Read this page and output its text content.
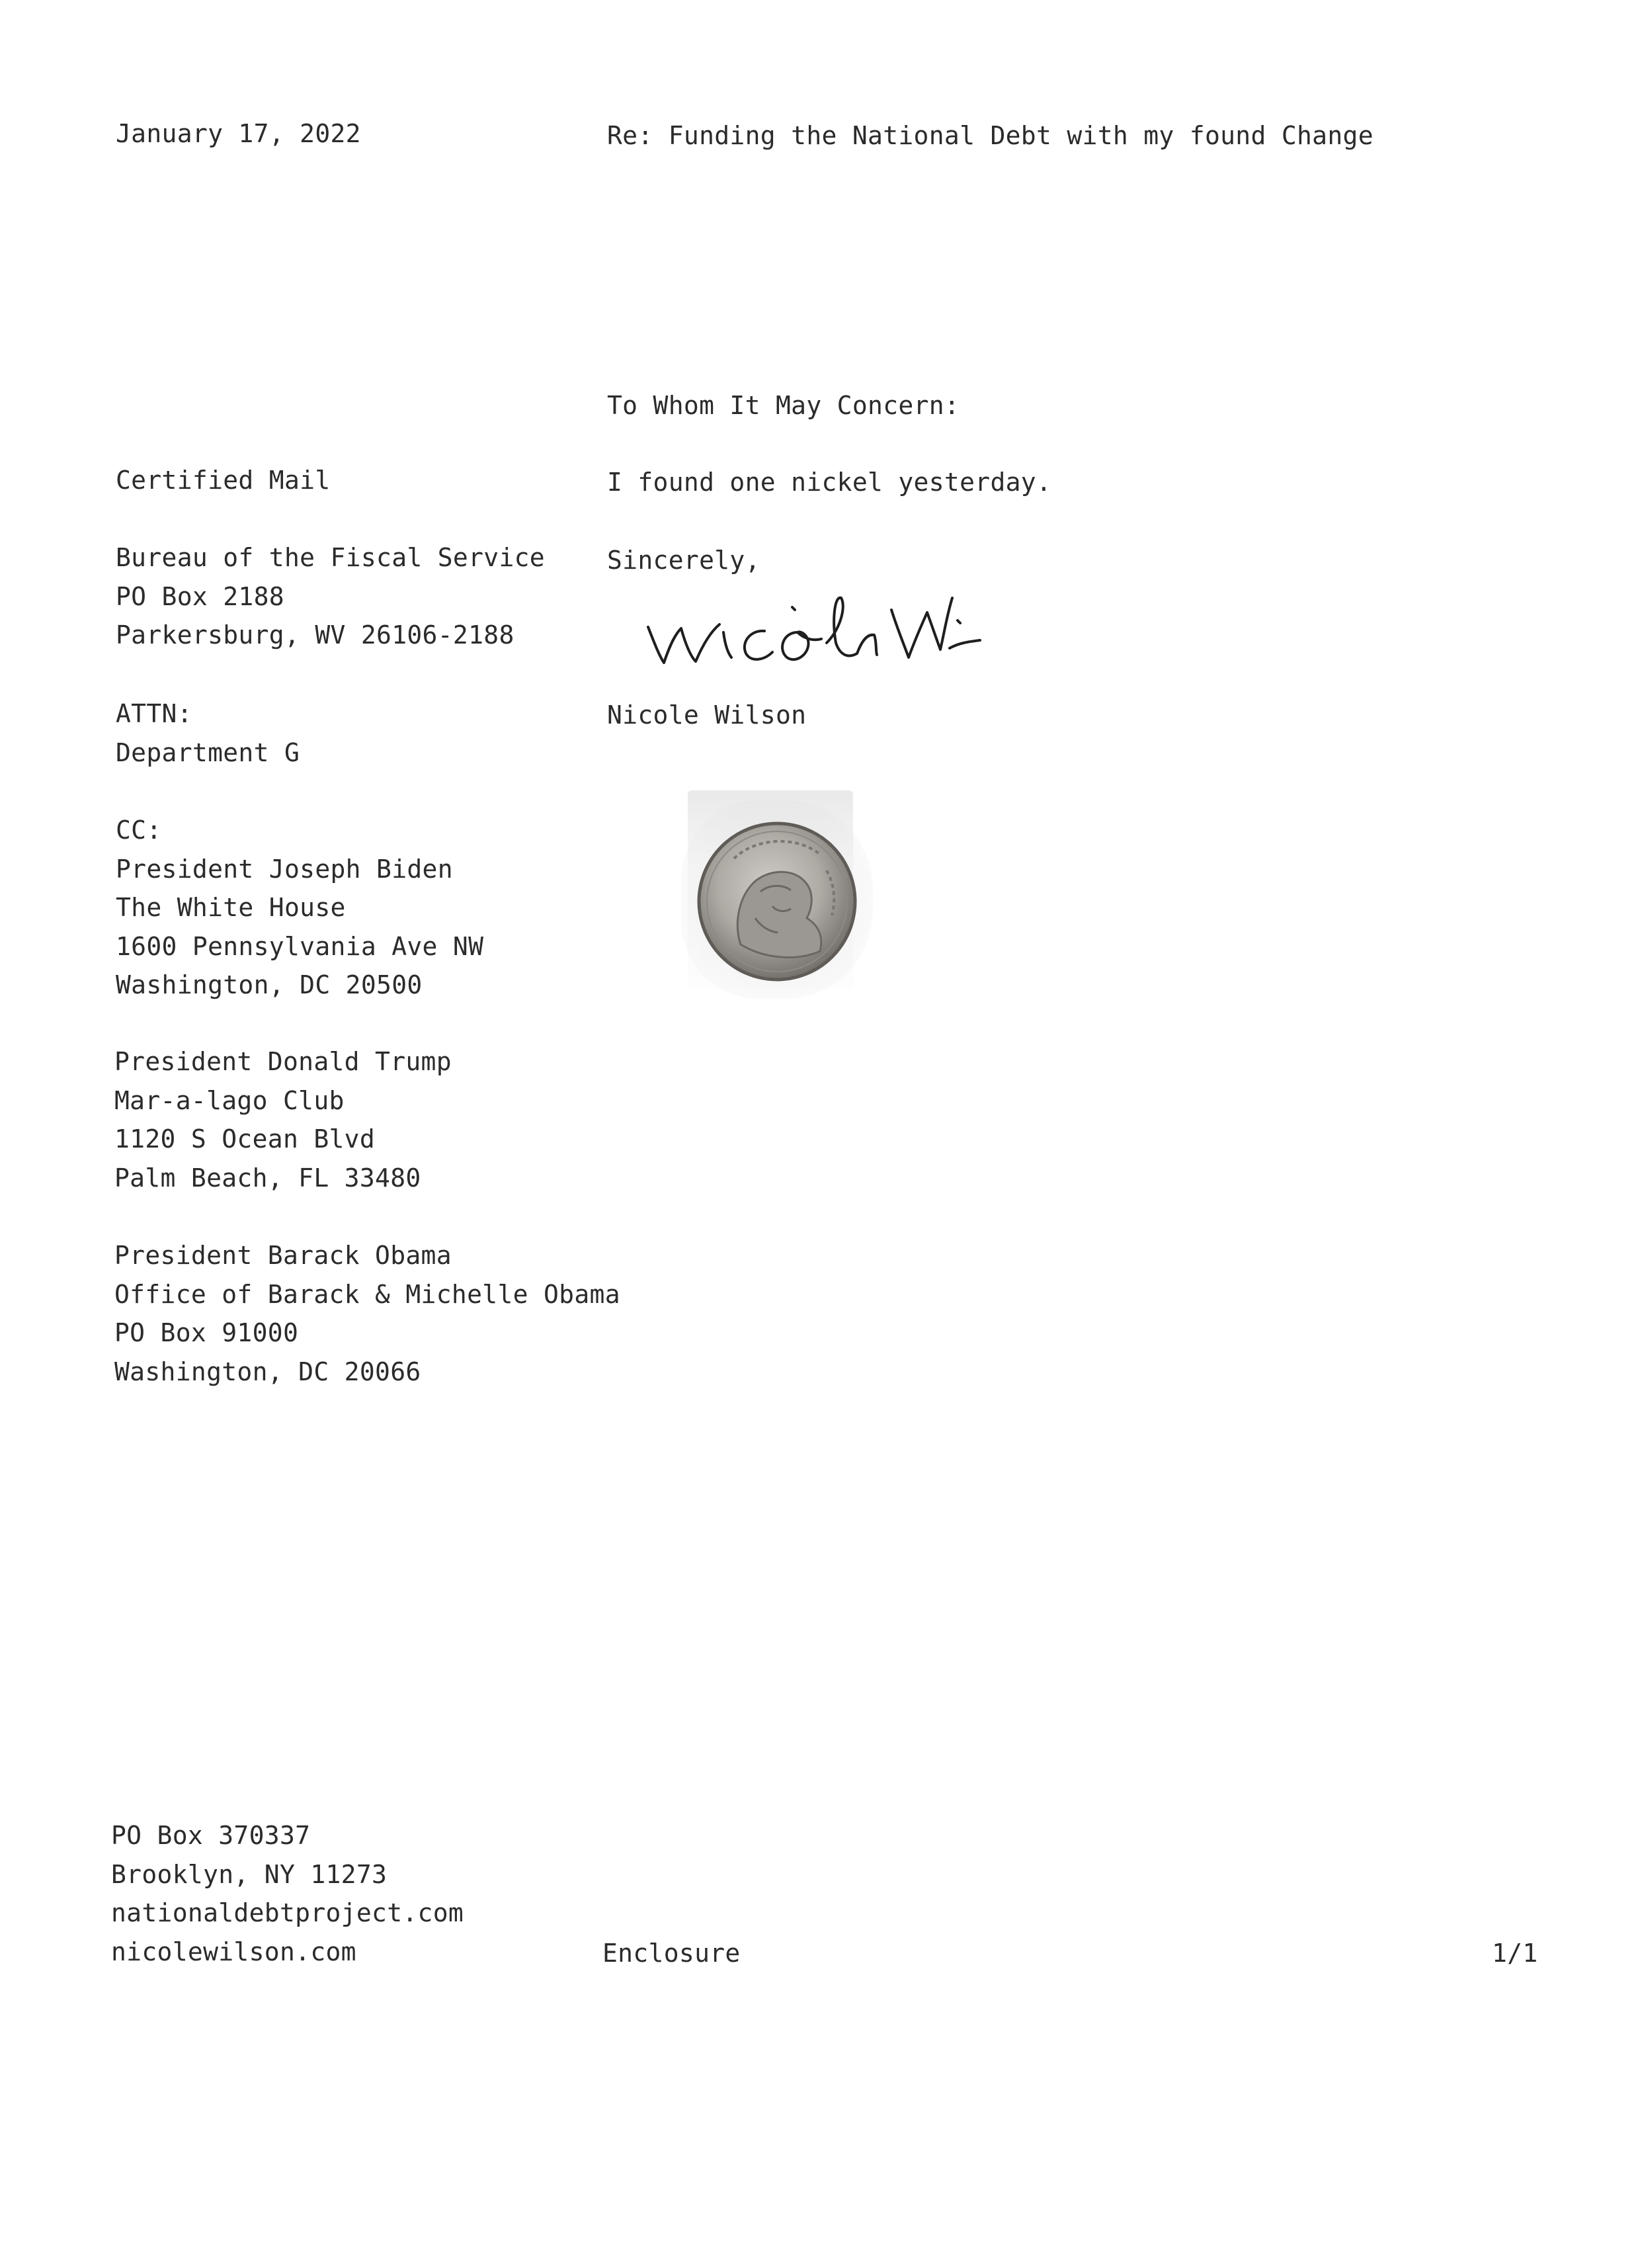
January 17, 2022	Re: Funding the National Debt with my found Change

To Whom It May Concern:

I found one nickel yesterday.

Sincerely,

Nicole Wilson

Certified Mail

Bureau of the Fiscal Service
PO Box 2188
Parkersburg, WV 26106-2188
ATTN:
Department G
CC:
President Joseph Biden
The White House
1600 Pennsylvania Ave NW
Washington, DC 20500
President Donald Trump
Mar-a-lago Club
1120 S Ocean Blvd
Palm Beach, FL 33480
President Barack Obama
Office of Barack & Michelle Obama
PO Box 91000
Washington, DC 20066
PO Box 370337
Brooklyn, NY 11273
nationaldebtproject.com
nicolewilson.com	Enclosure	1/1
